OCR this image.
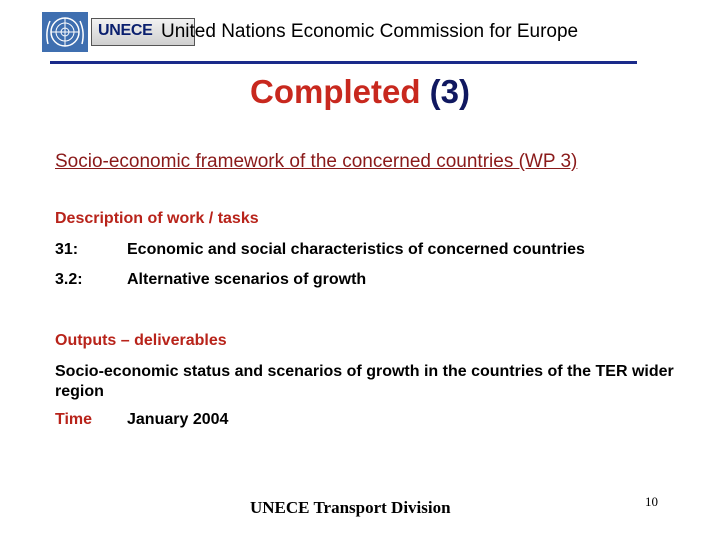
UNECE United Nations Economic Commission for Europe
Completed (3)
Socio-economic framework of the concerned countries (WP 3)
Description of work / tasks
31:	Economic and social characteristics of concerned countries
3.2:	Alternative scenarios of growth
Outputs – deliverables
Socio-economic status and scenarios of growth in the countries of the TER wider region
Time January 2004
UNECE Transport Division	10
